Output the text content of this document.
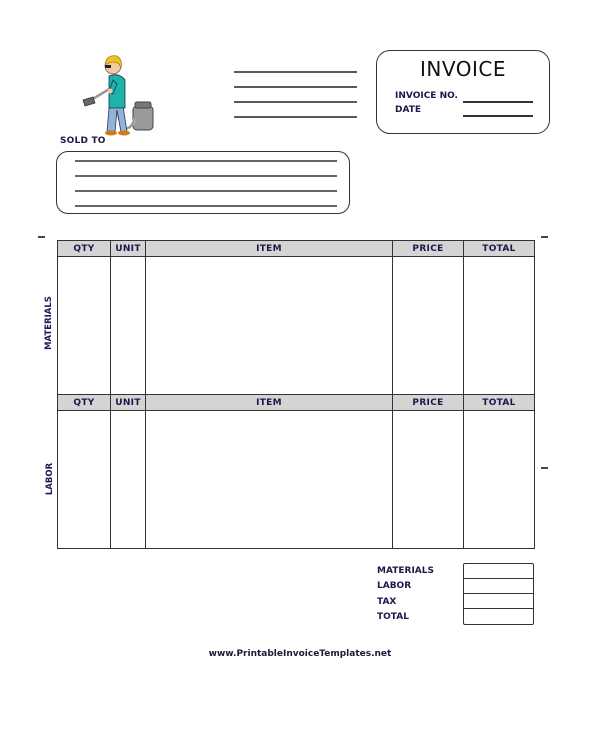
INVOICE
INVOICE NO.
DATE
SOLD TO
QTY	UNIT	ITEM	PRICE	TOTAL

MATERIALS
QTY	UNIT	ITEM	PRICE	TOTAL

LABOR
MATERIALS
LABOR
TAX
TOTAL
www.PrintableInvoiceTemplates.net
